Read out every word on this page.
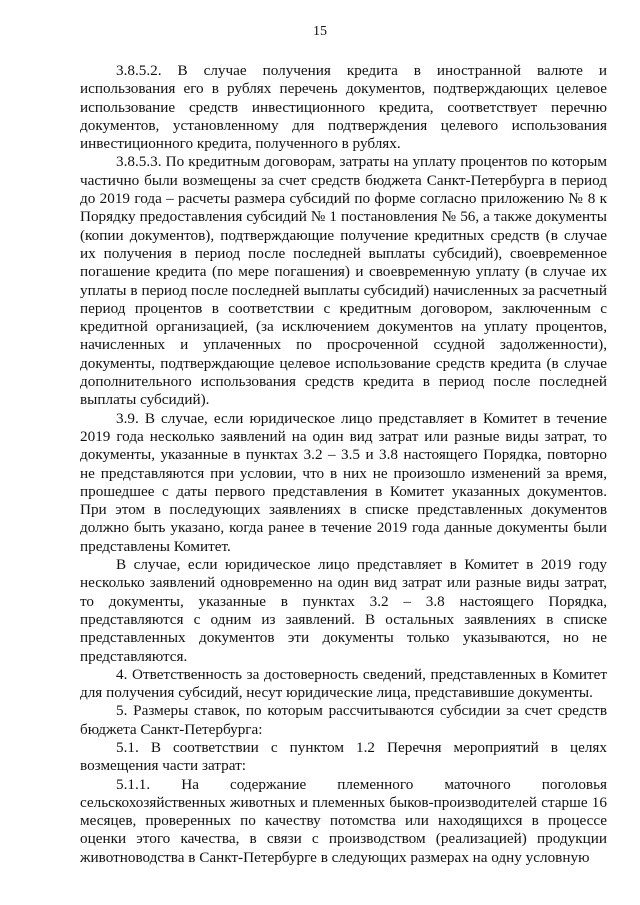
15

3.8.5.2. В случае получения кредита в иностранной валюте и использования его в рублях перечень документов, подтверждающих целевое использование средств инвестиционного кредита, соответствует перечню документов, установленному для подтверждения целевого использования инвестиционного кредита, полученного в рублях.

3.8.5.3. По кредитным договорам, затраты на уплату процентов по которым частично были возмещены за счет средств бюджета Санкт-Петербурга в период до 2019 года – расчеты размера субсидий по форме согласно приложению № 8 к Порядку предоставления субсидий № 1 постановления № 56, а также документы (копии документов), подтверждающие получение кредитных средств (в случае их получения в период после последней выплаты субсидий), своевременное погашение кредита (по мере погашения) и своевременную уплату (в случае их уплаты в период после последней выплаты субсидий) начисленных за расчетный период процентов в соответствии с кредитным договором, заключенным с кредитной организацией, (за исключением документов на уплату процентов, начисленных и уплаченных по просроченной ссудной задолженности), документы, подтверждающие целевое использование средств кредита (в случае дополнительного использования средств кредита в период после последней выплаты субсидий).

3.9. В случае, если юридическое лицо представляет в Комитет в течение 2019 года несколько заявлений на один вид затрат или разные виды затрат, то документы, указанные в пунктах 3.2 – 3.5 и 3.8 настоящего Порядка, повторно не представляются при условии, что в них не произошло изменений за время, прошедшее с даты первого представления в Комитет указанных документов. При этом в последующих заявлениях в списке представленных документов должно быть указано, когда ранее в течение 2019 года данные документы были представлены Комитет.

В случае, если юридическое лицо представляет в Комитет в 2019 году несколько заявлений одновременно на один вид затрат или разные виды затрат, то документы, указанные в пунктах 3.2 – 3.8 настоящего Порядка, представляются с одним из заявлений. В остальных заявлениях в списке представленных документов эти документы только указываются, но не представляются.

4. Ответственность за достоверность сведений, представленных в Комитет для получения субсидий, несут юридические лица, представившие документы.

5. Размеры ставок, по которым рассчитываются субсидии за счет средств бюджета Санкт-Петербурга:

5.1. В соответствии с пунктом 1.2 Перечня мероприятий в целях возмещения части затрат:

5.1.1. На содержание племенного маточного поголовья сельскохозяйственных животных и племенных быков-производителей старше 16 месяцев, проверенных по качеству потомства или находящихся в процессе оценки этого качества, в связи с производством (реализацией) продукции животноводства в Санкт-Петербурге в следующих размерах на одну условную
